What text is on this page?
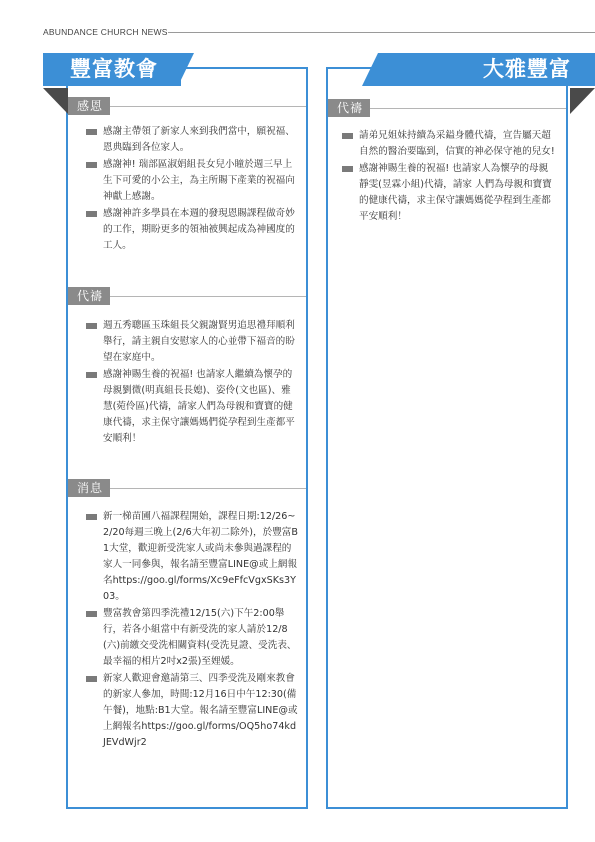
ABUNDANCE CHURCH NEWS
豐富教會
感恩
感謝主帶領了新家人來到我們當中，願祝福、恩典臨到各位家人。
感謝神! 瑞部區淑娟組長女兒小瞳於週三早上生下可愛的小公主，為主所賜下產業的祝福向神獻上感謝。
感謝神許多學員在本週的發現恩賜課程做奇妙的工作，期盼更多的領袖被興起成為神國度的工人。
代禱
週五秀聰區玉珠組長父親謝賢男追思禮拜順利舉行，請主親自安慰家人的心並帶下福音的盼望在家庭中。
感謝神賜生養的祝福! 也請家人繼續為懷孕的母親劉微(明真組長長媳)、姿伶(文也區)、雅慧(菀伶區)代禱，請家人們為母親和寶寶的健康代禱，求主保守讓媽媽們從孕程到生產都平安順利！
消息
新一梯苗圃八福課程開始，課程日期:12/26~2/20每週三晚上(2/6大年初二除外)，於豐富B1大堂，歡迎新受洗家人或尚未參與過課程的家人一同參與，報名請至豐富LINE@或上網報名https://goo.gl/forms/Xc9eFfcVgxSKs3Y03。
豐富教會第四季洗禮12/15(六)下午2:00舉行，若各小組當中有新受洗的家人請於12/8(六)前繳交受洗相關資料(受洗見證、受洗表、最幸福的相片2吋x2張)至娌媛。
新家人歡迎會邀請第三、四季受洗及剛來教會的新家人參加，時間:12月16日中午12:30(備午餐)，地點:B1大堂。報名請至豐富LINE@或上網報名https://goo.gl/forms/OQ5ho74kdJEVdWjr2
大雅豐富
代禱
請弟兄姐妹持續為采鎰身體代禱，宣告屬天超自然的醫治要臨到，信實的神必保守祂的兒女!
感謝神賜生養的祝福! 也請家人為懷孕的母親靜雯(昱霖小組)代禱，請家 人們為母親和寶寶的健康代禱，求主保守讓媽媽從孕程到生產都平安順利！
